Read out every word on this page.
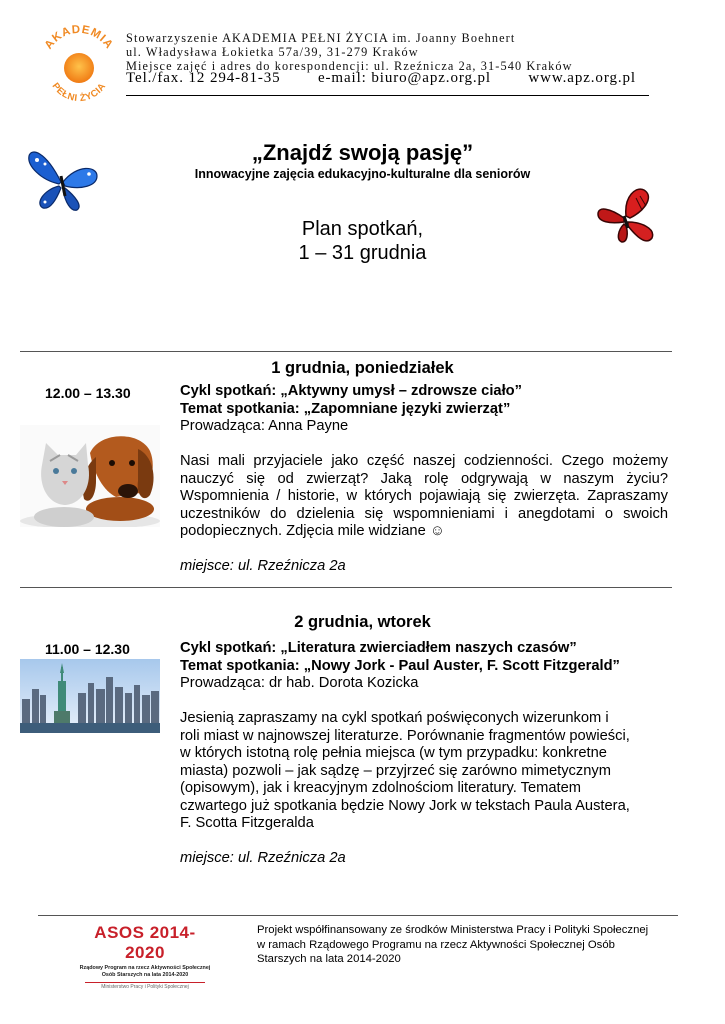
AKADEMIA
PEŁNI ŻYCIA
Stowarzyszenie AKADEMIA PEŁNI ŻYCIA im. Joanny Boehnert
ul. Władysława Łokietka 57a/39, 31-279 Kraków
Miejsce zajęć i adres do korespondencji: ul. Rzeźnicza 2a, 31-540 Kraków
Tel./fax. 12 294-81-35 e-mail: biuro@apz.org.pl www.apz.org.pl
„Znajdź swoją pasję”
Innowacyjne zajęcia edukacyjno-kulturalne dla seniorów
Plan spotkań,
1 – 31 grudnia
1 grudnia, poniedziałek
12.00 – 13.30	Cykl spotkań: „Aktywny umysł – zdrowsze ciało”

Temat spotkania: „Zapomniane języki zwierząt”

Prowadząca: Anna Payne

Nasi mali przyjaciele jako część naszej codzienności. Czego możemy nauczyć się od zwierząt? Jaką rolę odgrywają w naszym życiu? Wspomnienia / historie, w których pojawiają się zwierzęta. Zapraszamy uczestników do dzielenia się wspomnieniami i anegdotami o swoich podopiecznych. Zdjęcia mile widziane ☺

miejsce: ul. Rzeźnicza 2a

2 grudnia, wtorek
11.00 – 12.30	Cykl spotkań: „Literatura zwierciadłem naszych czasów”

Temat spotkania: „Nowy Jork - Paul Auster, F. Scott Fitzgerald”

Prowadząca: dr hab. Dorota Kozicka

Jesienią zapraszamy na cykl spotkań poświęconych wizerunkom i

roli miast w najnowszej literaturze. Porównanie fragmentów powieści,

w których istotną rolę pełnia miejsca (w tym przypadku: konkretne

miasta) pozwoli – jak sądzę – przyjrzeć się zarówno mimetycznym

(opisowym), jak i kreacyjnym zdolnościom literatury. Tematem

czwartego już spotkania będzie Nowy Jork w tekstach Paula Austera,

F. Scotta Fitzgeralda

miejsce: ul. Rzeźnicza 2a

ASOS 2014-2020
Rządowy Program na rzecz Aktywności Społecznej
Osób Starszych na lata 2014-2020
Ministerstwo Pracy i Polityki Społecznej
Projekt współfinansowany ze środków Ministerstwa Pracy i Polityki Społecznej
w ramach Rządowego Programu na rzecz Aktywności Społecznej Osób
Starszych na lata 2014-2020
